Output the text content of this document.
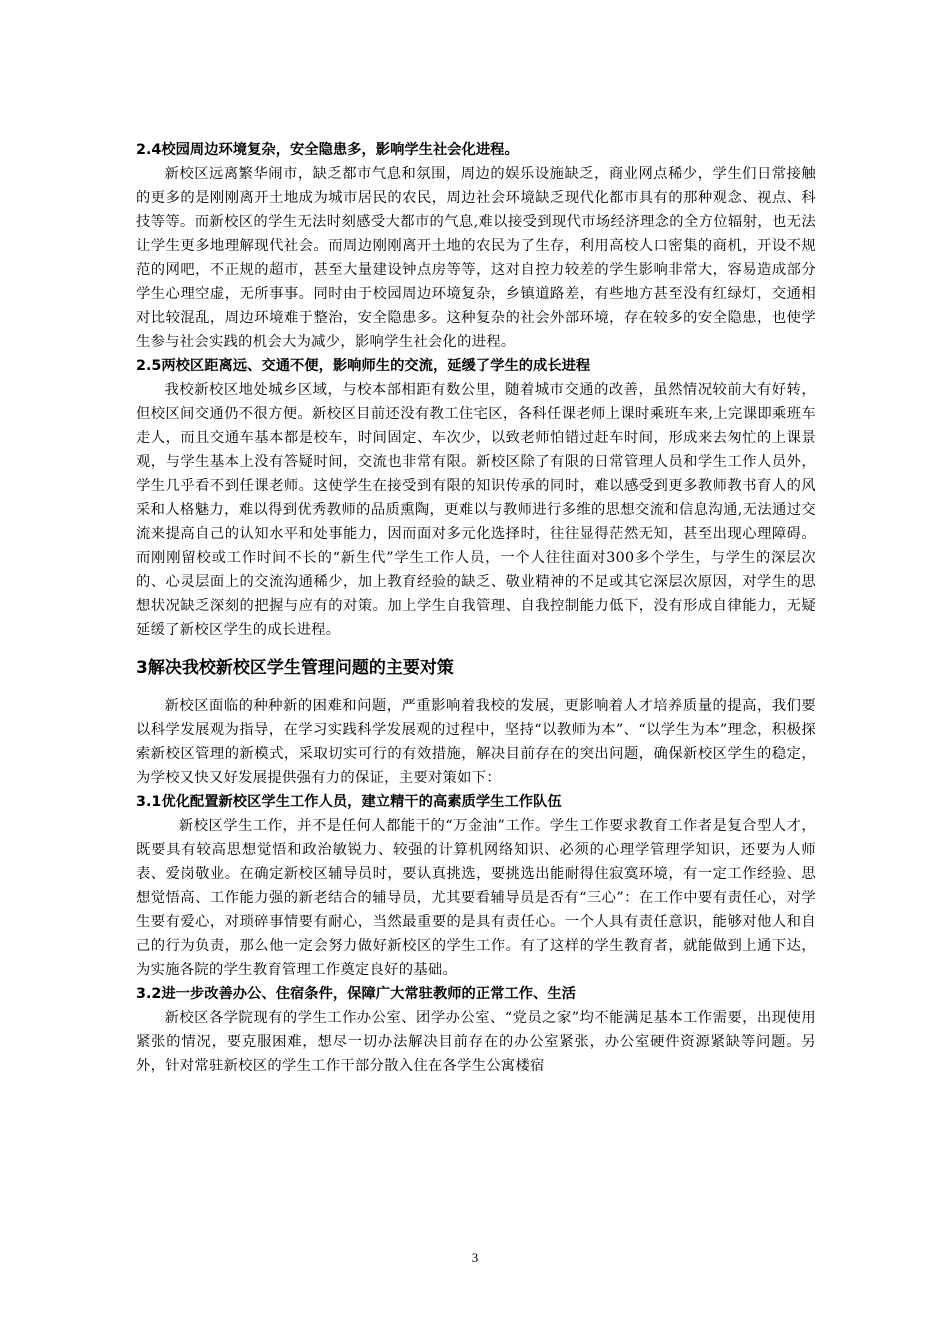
2.4校园周边环境复杂，安全隐患多，影响学生社会化进程。

新校区远离繁华闹市，缺乏都市气息和氛围，周边的娱乐设施缺乏，商业网点稀少，学生们日常接触的更多的是刚刚离开土地成为城市居民的农民，周边社会环境缺乏现代化都市具有的那种观念、视点、科技等等。而新校区的学生无法时刻感受大都市的气息,难以接受到现代市场经济理念的全方位辐射，也无法让学生更多地理解现代社会。而周边刚刚离开土地的农民为了生存，利用高校人口密集的商机，开设不规范的网吧，不正规的超市，甚至大量建设钟点房等等，这对自控力较差的学生影响非常大，容易造成部分学生心理空虚，无所事事。同时由于校园周边环境复杂，乡镇道路差，有些地方甚至没有红绿灯，交通相对比较混乱，周边环境难于整治，安全隐患多。这种复杂的社会外部环境，存在较多的安全隐患，也使学生参与社会实践的机会大为减少，影响学生社会化的进程。

2.5两校区距离远、交通不便，影响师生的交流，延缓了学生的成长进程

我校新校区地处城乡区域，与校本部相距有数公里，随着城市交通的改善，虽然情况较前大有好转，但校区间交通仍不很方便。新校区目前还没有教工住宅区，各科任课老师上课时乘班车来,上完课即乘班车走人，而且交通车基本都是校车，时间固定、车次少，以致老师怕错过赶车时间，形成来去匆忙的上课景观，与学生基本上没有答疑时间，交流也非常有限。新校区除了有限的日常管理人员和学生工作人员外，学生几乎看不到任课老师。这使学生在接受到有限的知识传承的同时，难以感受到更多教师教书育人的风采和人格魅力，难以得到优秀教师的品质熏陶，更难以与教师进行多维的思想交流和信息沟通,无法通过交流来提高自己的认知水平和处事能力，因而面对多元化选择时，往往显得茫然无知，甚至出现心理障碍。而刚刚留校或工作时间不长的“新生代”学生工作人员，一个人往往面对300多个学生，与学生的深层次的、心灵层面上的交流沟通稀少，加上教育经验的缺乏、敬业精神的不足或其它深层次原因，对学生的思想状况缺乏深刻的把握与应有的对策。加上学生自我管理、自我控制能力低下，没有形成自律能力，无疑延缓了新校区学生的成长进程。

3解决我校新校区学生管理问题的主要对策

新校区面临的种种新的困难和问题，严重影响着我校的发展，更影响着人才培养质量的提高，我们要以科学发展观为指导，在学习实践科学发展观的过程中，坚持“以教师为本”、“以学生为本”理念，积极探索新校区管理的新模式，采取切实可行的有效措施，解决目前存在的突出问题，确保新校区学生的稳定，为学校又快又好发展提供强有力的保证，主要对策如下：

3.1优化配置新校区学生工作人员，建立精干的高素质学生工作队伍

新校区学生工作，并不是任何人都能干的“万金油”工作。学生工作要求教育工作者是复合型人才，既要具有较高思想觉悟和政治敏锐力、较强的计算机网络知识、必须的心理学管理学知识，还要为人师表、爱岗敬业。在确定新校区辅导员时，要认真挑选，要挑选出能耐得住寂寞环境，有一定工作经验、思想觉悟高、工作能力强的新老结合的辅导员，尤其要看辅导员是否有“三心”：在工作中要有责任心，对学生要有爱心，对琐碎事情要有耐心，当然最重要的是具有责任心。一个人具有责任意识，能够对他人和自己的行为负责，那么他一定会努力做好新校区的学生工作。有了这样的学生教育者，就能做到上通下达，为实施各院的学生教育管理工作奠定良好的基础。

3.2进一步改善办公、住宿条件，保障广大常驻教师的正常工作、生活

新校区各学院现有的学生工作办公室、团学办公室、“党员之家”均不能满足基本工作需要，出现使用紧张的情况，要克服困难，想尽一切办法解决目前存在的办公室紧张，办公室硬件资源紧缺等问题。另外，针对常驻新校区的学生工作干部分散入住在各学生公寓楼宿

3
